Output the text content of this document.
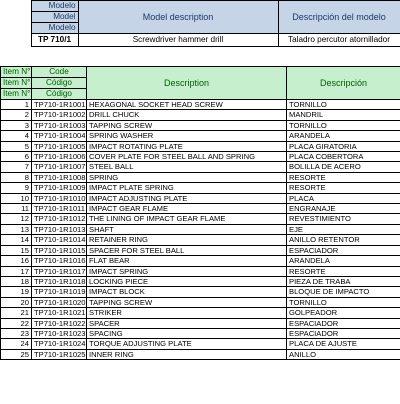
	Modelo	Model description	Descripción del modelo
	Model		
	Modelo		
	TP 710/1	Screwdriver hammer drill	Taladro percutor atornillador
Item N°	Code	Description	Descripción
Item N°	Código		
Item N°	Código		
1	TP710-1R1001	HEXAGONAL SOCKET HEAD SCREW	TORNILLO
2	TP710-1R1002	DRILL CHUCK	MANDRIL
3	TP710-1R1003	TAPPING SCREW	TORNILLO
4	TP710-1R1004	SPRING WASHER	ARANDELA
5	TP710-1R1005	IMPACT ROTATING PLATE	PLACA GIRATORIA
6	TP710-1R1006	COVER PLATE FOR STEEL BALL AND SPRING	PLACA COBERTORA
7	TP710-1R1007	STEEL BALL	BOLILLA DE ACERO
8	TP710-1R1008	SPRING	RESORTE
9	TP710-1R1009	IMPACT PLATE SPRING	RESORTE
10	TP710-1R1010	IMPACT ADJUSTING PLATE	PLACA
11	TP710-1R1011	IMPACT GEAR FLAME	ENGRANAJE
12	TP710-1R1012	THE LINING OF IMPACT GEAR FLAME	REVESTIMIENTO
13	TP710-1R1013	SHAFT	EJE
14	TP710-1R1014	RETAINER RING	ANILLO RETENTOR
15	TP710-1R1015	SPACER FOR STEEL BALL	ESPACIADOR
16	TP710-1R1016	FLAT BEAR	ARANDELA
17	TP710-1R1017	IMPACT SPRING	RESORTE
18	TP710-1R1018	LOCKING PIECE	PIEZA DE TRABA
19	TP710-1R1019	IMPACT BLOCK	BLOQUE DE IMPACTO
20	TP710-1R1020	TAPPING SCREW	TORNILLO
21	TP710-1R1021	STRIKER	GOLPEADOR
22	TP710-1R1022	SPACER	ESPACIADOR
23	TP710-1R1023	SPACING	ESPACIADOR
24	TP710-1R1024	TORQUE ADJUSTING PLATE	PLACA DE AJUSTE
25	TP710-1R1025	INNER RING	ANILLO
